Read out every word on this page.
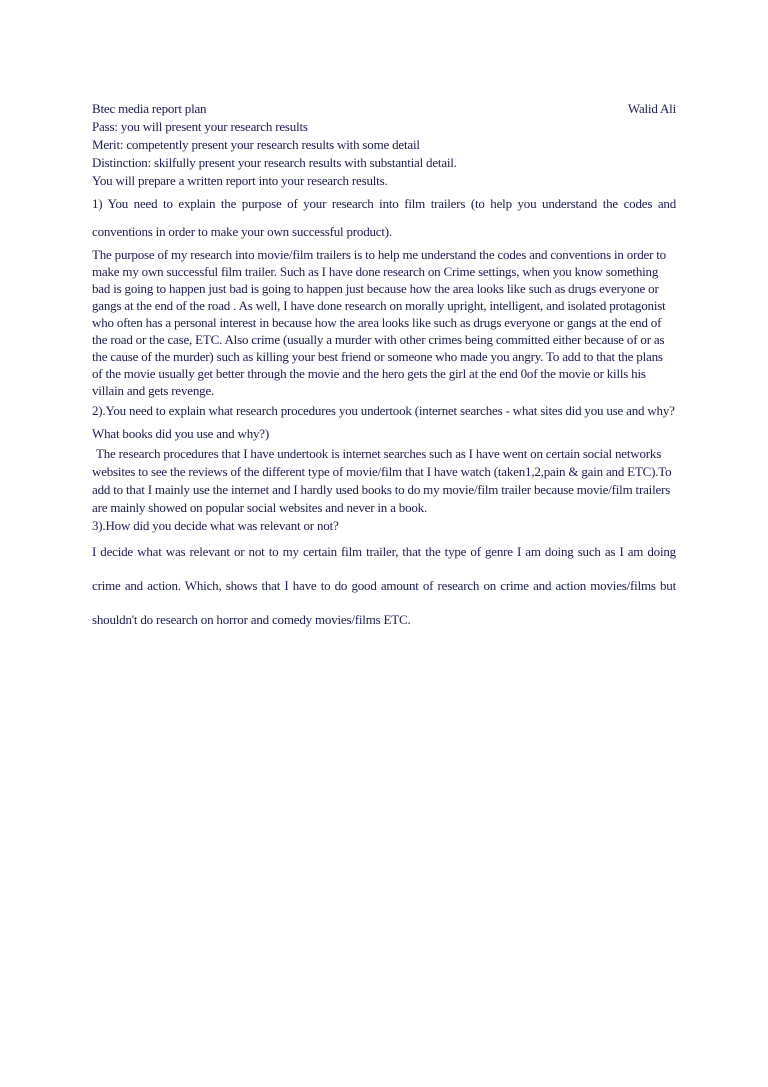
Btec media report plan	Walid Ali

Pass: you will present your research results

Merit: competently present your research results with some detail

Distinction: skilfully present your research results with substantial detail.

You will prepare a written report into your research results.

1) You need to explain the purpose of your research into film trailers (to help you understand the codes and conventions in order to make your own successful product).

The purpose of my research into movie/film trailers is to help me understand the codes and conventions in order to make my own successful film trailer. Such as I have done research on Crime settings, when you know something bad is going to happen just bad is going to happen just because how the area looks like such as drugs everyone or gangs at the end of the road . As well, I have done research on morally upright, intelligent, and isolated protagonist who often has a personal interest in because how the area looks like such as drugs everyone or gangs at the end of the road or the case, ETC. Also crime (usually a murder with other crimes being committed either because of or as the cause of the murder) such as killing your best friend or someone who made you angry. To add to that the plans of the movie usually get better through the movie and the hero gets the girl at the end 0of the movie or kills his villain and gets revenge.

2).You need to explain what research procedures you undertook (internet searches - what sites did you use and why? What books did you use and why?)

The research procedures that I have undertook is internet searches such as I have went on certain social networks websites to see the reviews of the different type of movie/film that I have watch (taken1,2,pain & gain and ETC).To add to that I mainly use the internet and I hardly used books to do my movie/film trailer because movie/film trailers are mainly showed on popular social websites and never in a book.

3).How did you decide what was relevant or not?

I decide what was relevant or not to my certain film trailer, that the type of genre I am doing such as I am doing crime and action. Which, shows that I have to do good amount of research on crime and action movies/films but shouldn't do research on horror and comedy movies/films ETC.
